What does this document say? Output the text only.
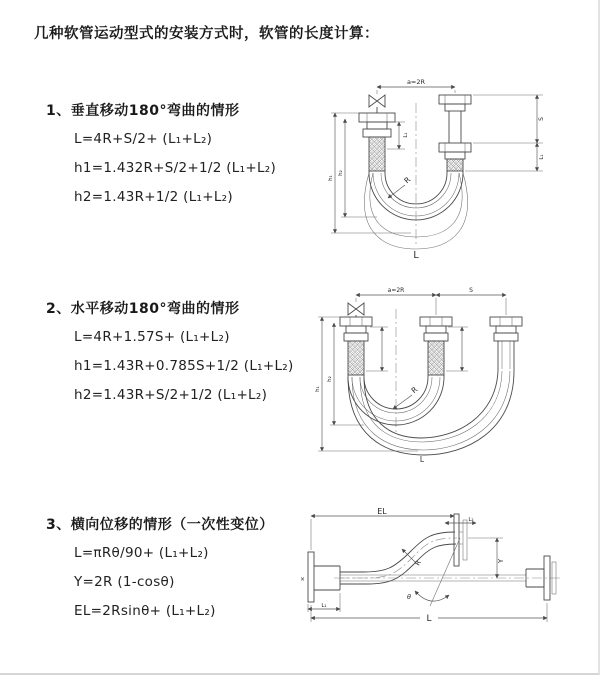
几种软管运动型式的安装方式时，软管的长度计算：
1、垂直移动180°弯曲的情形
L=4R+S/2+ (L₁+L₂)
h1=1.432R+S/2+1/2 (L₁+L₂)
h2=1.43R+1/2 (L₁+L₂)
a=2R
h₁
h₂
L₁
S
L₁
R
L
2、水平移动180°弯曲的情形
L=4R+1.57S+ (L₁+L₂)
h1=1.43R+0.785S+1/2 (L₁+L₂)
h2=1.43R+S/2+1/2 (L₁+L₂)
a=2R	S
h₁
h₂
R
L
3、横向位移的情形（一次性变位）
L=πRθ/90+ (L₁+L₂)
Y=2R (1-cosθ)
EL=2Rsinθ+ (L₁+L₂)
θ
R
EL
L₂
Y
L
L₁
×
